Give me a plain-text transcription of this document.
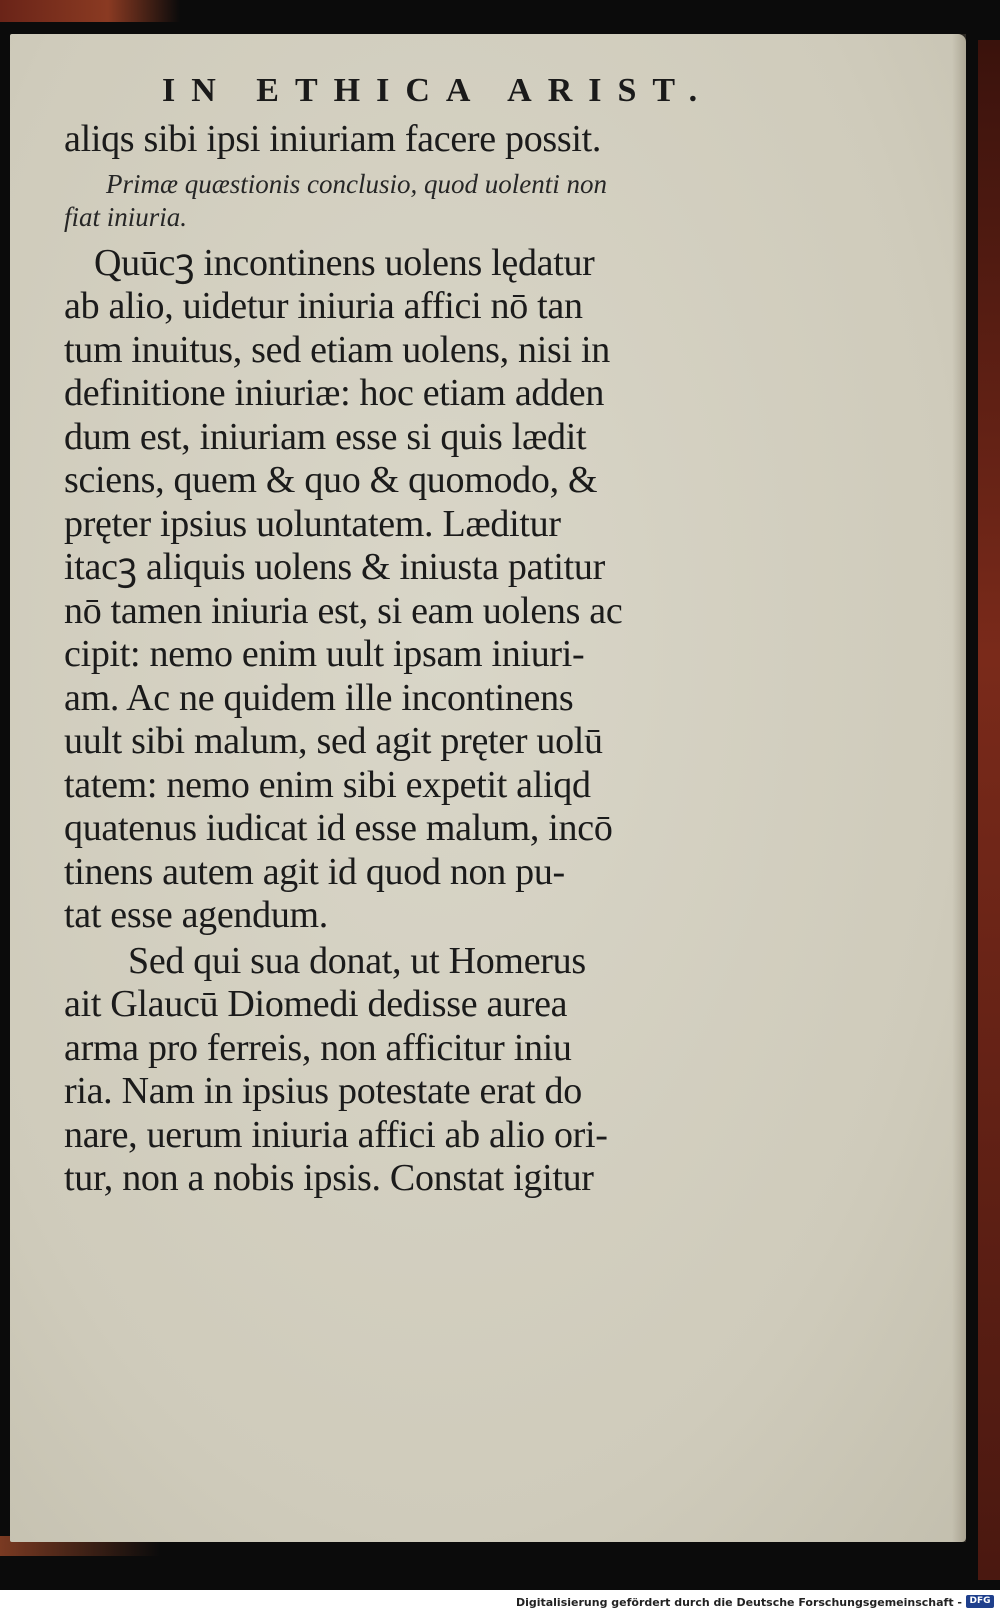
IN ETHICA ARIST.
aliqs sibi ipsi iniuriam facere possit.
Primæ quæstionis conclusio, quod uolenti non
fiat iniuria.
Quūcꝫ incontinens uolens lędatur
ab alio, uidetur iniuria affici nō tan
tum inuitus, sed etiam uolens, nisi in
definitione iniuriæ: hoc etiam adden
dum est, iniuriam esse si quis lædit
sciens, quem & quo & quomodo, &
pręter ipsius uoluntatem. Læditur
itacꝫ aliquis uolens & iniusta patitur
nō tamen iniuria est, si eam uolens ac
cipit: nemo enim uult ipsam iniuri-
am. Ac ne quidem ille incontinens
uult sibi malum, sed agit pręter uolū
tatem: nemo enim sibi expetit aliqd
quatenus iudicat id esse malum, incō
tinens autem agit id quod non pu-
tat esse agendum.
Sed qui sua donat, ut Homerus
ait Glaucū Diomedi dedisse aurea
arma pro ferreis, non afficitur iniu
ria. Nam in ipsius potestate erat do
nare, uerum iniuria affici ab alio ori-
tur, non a nobis ipsis. Constat igitur
Digitalisierung gefördert durch die Deutsche Forschungsgemeinschaft - DFG
